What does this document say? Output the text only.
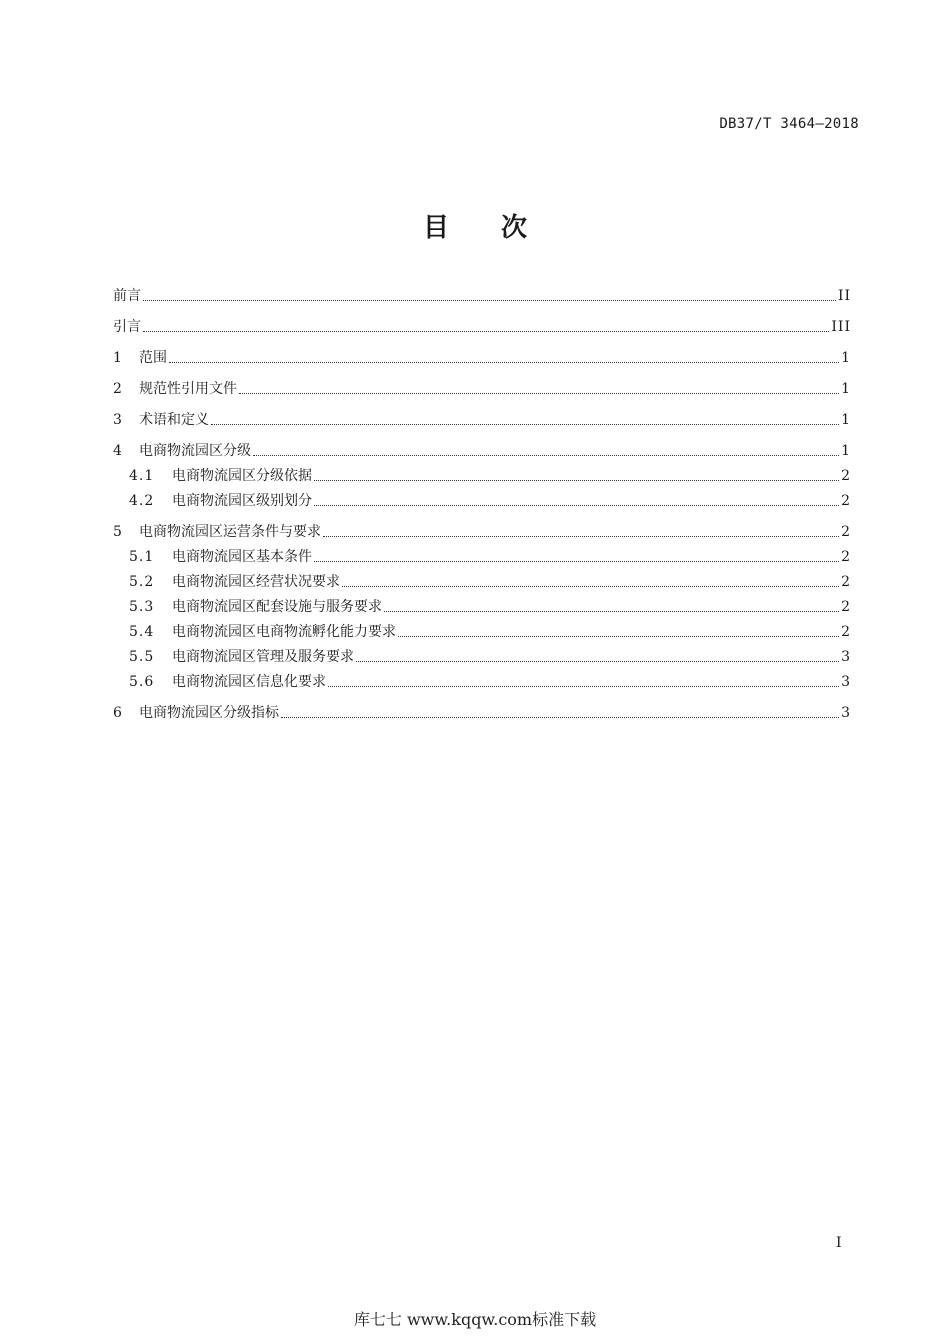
DB37/T 3464—2018
目 次
前言	II
引言	III
1	范围	1
2	规范性引用文件	1
3	术语和定义	1
4	电商物流园区分级	1
4.1	电商物流园区分级依据	2
4.2	电商物流园区级别划分	2
5	电商物流园区运营条件与要求	2
5.1	电商物流园区基本条件	2
5.2	电商物流园区经营状况要求	2
5.3	电商物流园区配套设施与服务要求	2
5.4	电商物流园区电商物流孵化能力要求	2
5.5	电商物流园区管理及服务要求	3
5.6	电商物流园区信息化要求	3
6	电商物流园区分级指标	3
I
库七七 www.kqqw.com标准下载
